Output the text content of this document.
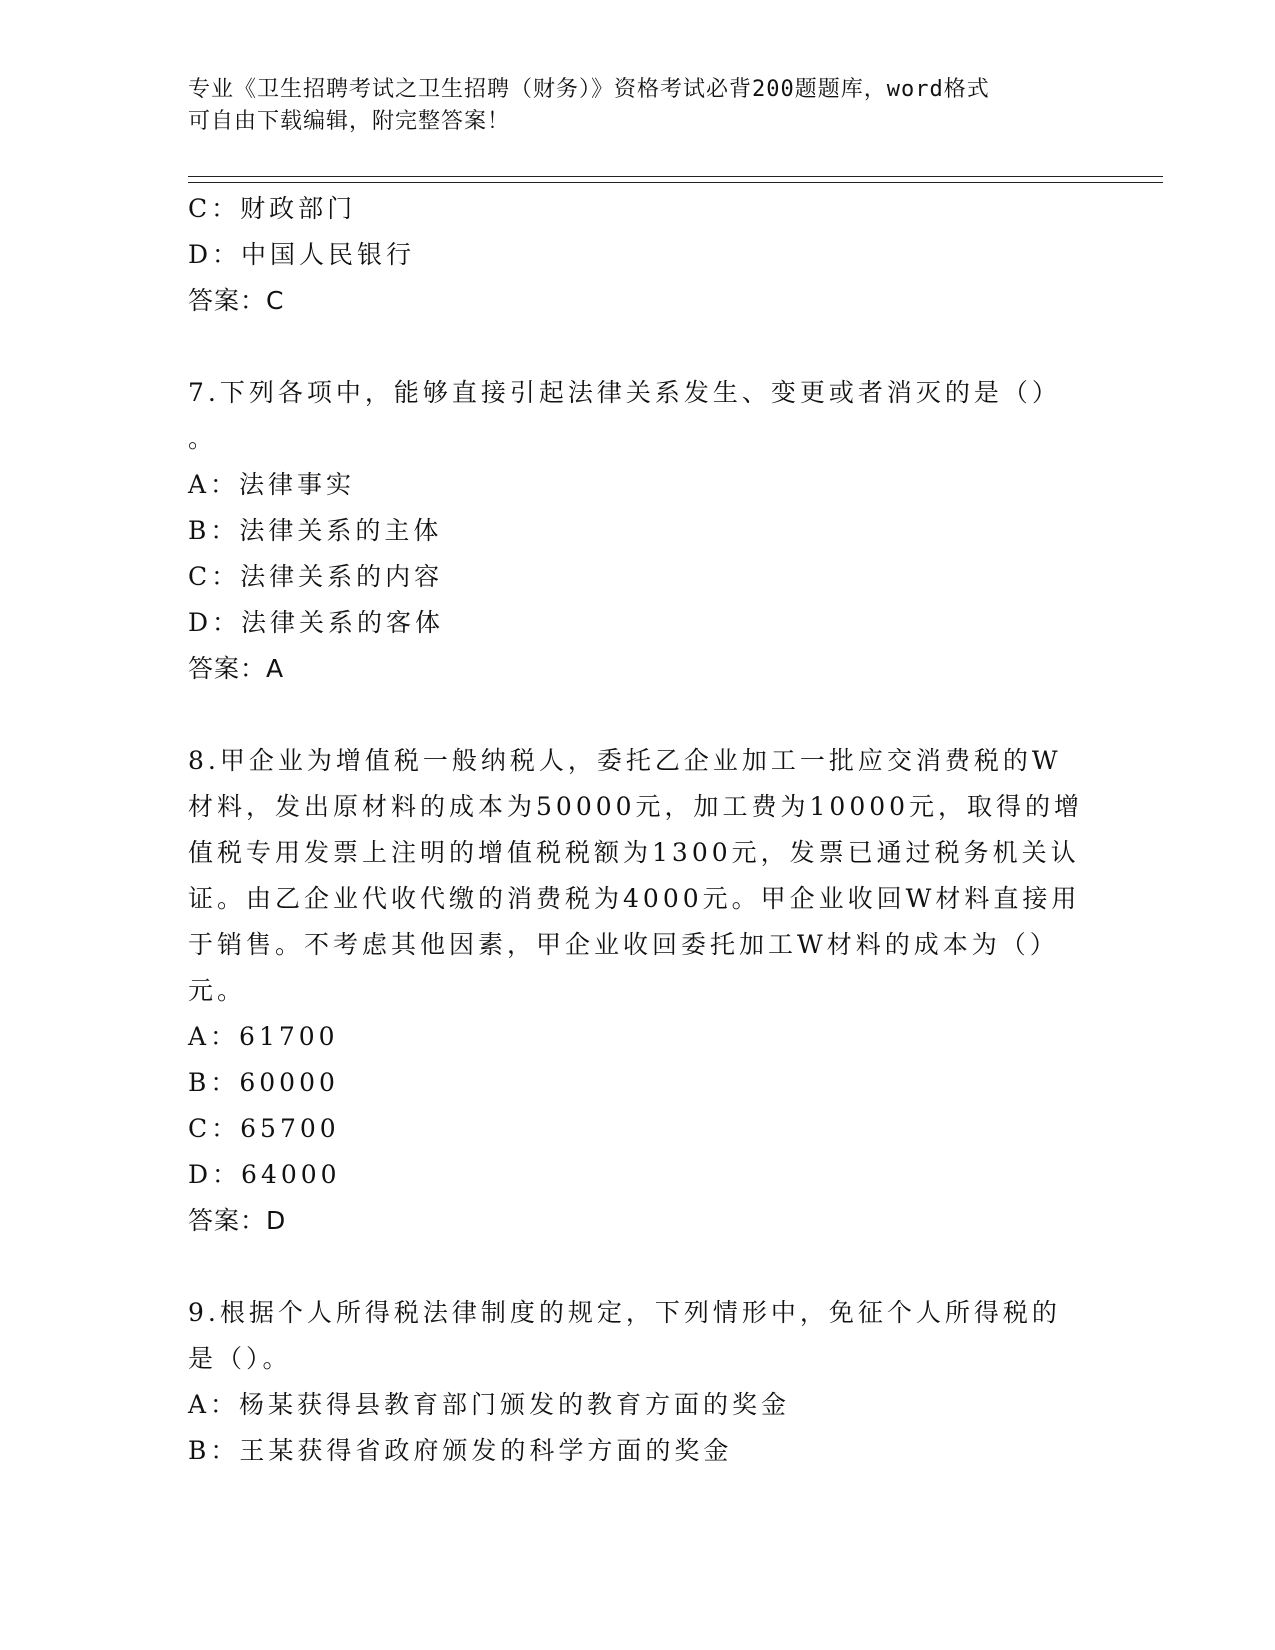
专业《卫生招聘考试之卫生招聘（财务）》资格考试必背200题题库，word格式
可自由下载编辑，附完整答案！
C：财政部门
D：中国人民银行
答案：C
7.下列各项中，能够直接引起法律关系发生、变更或者消灭的是（）
。
A：法律事实
B：法律关系的主体
C：法律关系的内容
D：法律关系的客体
答案：A
8.甲企业为增值税一般纳税人，委托乙企业加工一批应交消费税的W
材料，发出原材料的成本为50000元，加工费为10000元，取得的增
值税专用发票上注明的增值税税额为1300元，发票已通过税务机关认
证。由乙企业代收代缴的消费税为4000元。甲企业收回W材料直接用
于销售。不考虑其他因素，甲企业收回委托加工W材料的成本为（）
元。
A：61700
B：60000
C：65700
D：64000
答案：D
9.根据个人所得税法律制度的规定，下列情形中，免征个人所得税的
是（）。
A：杨某获得县教育部门颁发的教育方面的奖金
B：王某获得省政府颁发的科学方面的奖金
